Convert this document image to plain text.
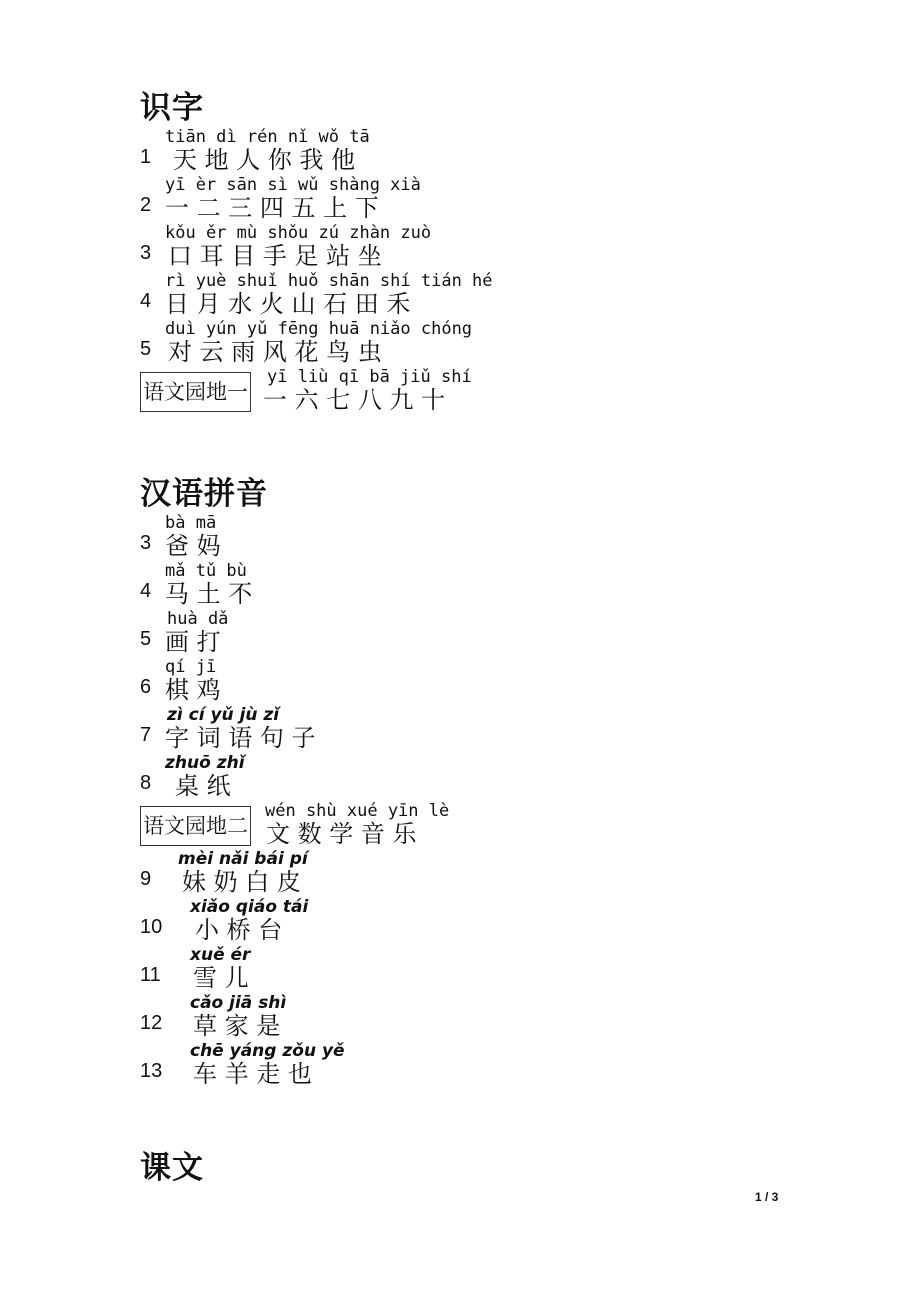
识字
汉语拼音
课文
1
tiān dì rén nǐ wǒ tā
天 地 人 你 我 他
2
yī èr sān sì wǔ shàng xià
一 二 三 四 五 上 下
3
kǒu ěr mù shǒu zú zhàn zuò
口 耳 目 手 足 站 坐
4
rì yuè shuǐ huǒ shān shí tián hé
日 月 水 火 山 石 田 禾
5
duì yún yǔ fēng huā niǎo chóng
对 云 雨 风 花 鸟 虫
语文园地一
yī liù qī bā jiǔ shí
一 六 七 八 九 十
3
bà mā
爸 妈
4
mǎ tǔ bù
马 土 不
5
huà dǎ
画 打
6
qí jī
棋 鸡
7
zì cí yǔ jù zǐ
字 词 语 句 子
8
zhuō zhǐ
桌 纸
语文园地二
wén shù xué yīn lè
文 数 学 音 乐
9
mèi nǎi bái pí
妹 奶 白 皮
10
xiǎo qiáo tái
小 桥 台
11
xuě ér
雪 儿
12
cǎo jiā shì
草 家 是
13
chē yáng zǒu yě
车 羊 走 也
1 / 3
